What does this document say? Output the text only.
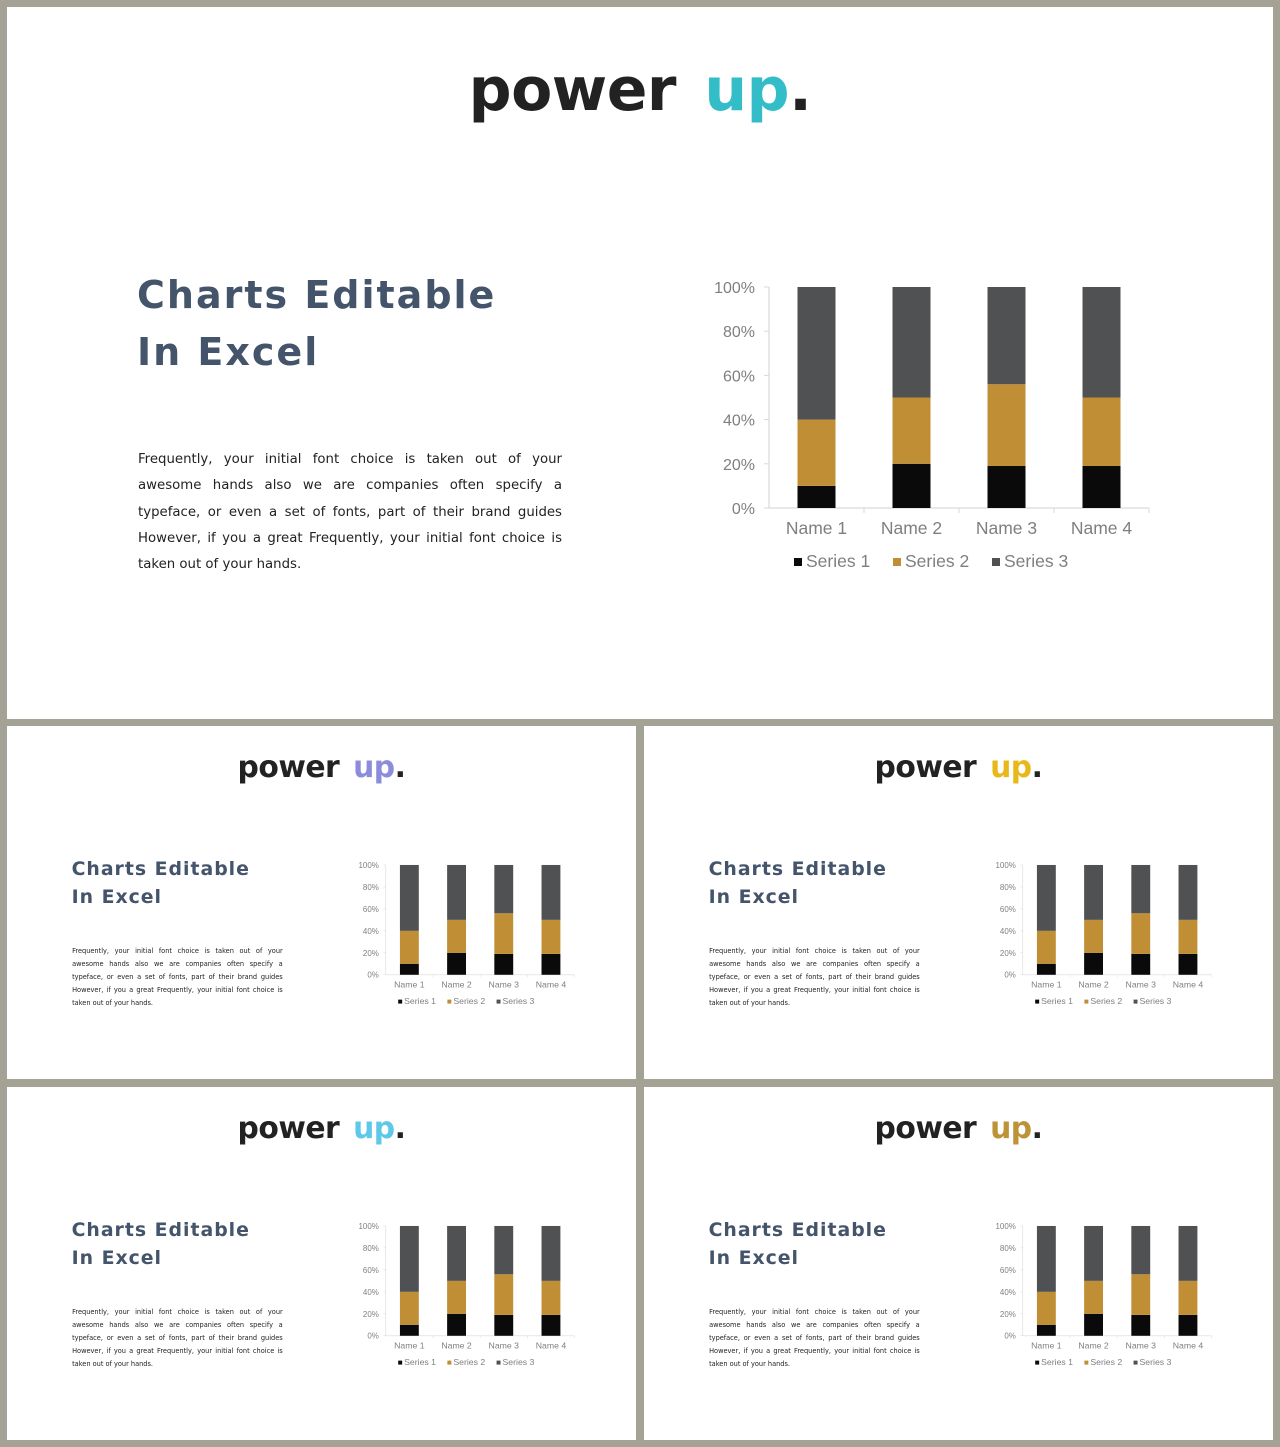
power up.
Charts Editable
In Excel
Frequently, your initial font choice is taken out of your awesome hands also we are companies often specify a typeface, or even a set of fonts, part of their brand guides However, if you a great Frequently, your initial font choice is taken out of your hands.
0%
20%
40%
60%
80%
100%
Name 1 Name 2 Name 3 Name 4
Series 1 Series 2 Series 3
power up.
Charts Editable
In Excel
Frequently, your initial font choice is taken out of your awesome hands also we are companies often specify a typeface, or even a set of fonts, part of their brand guides However, if you a great Frequently, your initial font choice is taken out of your hands.
0%
20%
40%
60%
80%
100%
Name 1 Name 2 Name 3 Name 4
Series 1 Series 2 Series 3
power up.
Charts Editable
In Excel
Frequently, your initial font choice is taken out of your awesome hands also we are companies often specify a typeface, or even a set of fonts, part of their brand guides However, if you a great Frequently, your initial font choice is taken out of your hands.
0%
20%
40%
60%
80%
100%
Name 1 Name 2 Name 3 Name 4
Series 1 Series 2 Series 3
power up.
Charts Editable
In Excel
Frequently, your initial font choice is taken out of your awesome hands also we are companies often specify a typeface, or even a set of fonts, part of their brand guides However, if you a great Frequently, your initial font choice is taken out of your hands.
0%
20%
40%
60%
80%
100%
Name 1 Name 2 Name 3 Name 4
Series 1 Series 2 Series 3
power up.
Charts Editable
In Excel
Frequently, your initial font choice is taken out of your awesome hands also we are companies often specify a typeface, or even a set of fonts, part of their brand guides However, if you a great Frequently, your initial font choice is taken out of your hands.
0%
20%
40%
60%
80%
100%
Name 1 Name 2 Name 3 Name 4
Series 1 Series 2 Series 3
